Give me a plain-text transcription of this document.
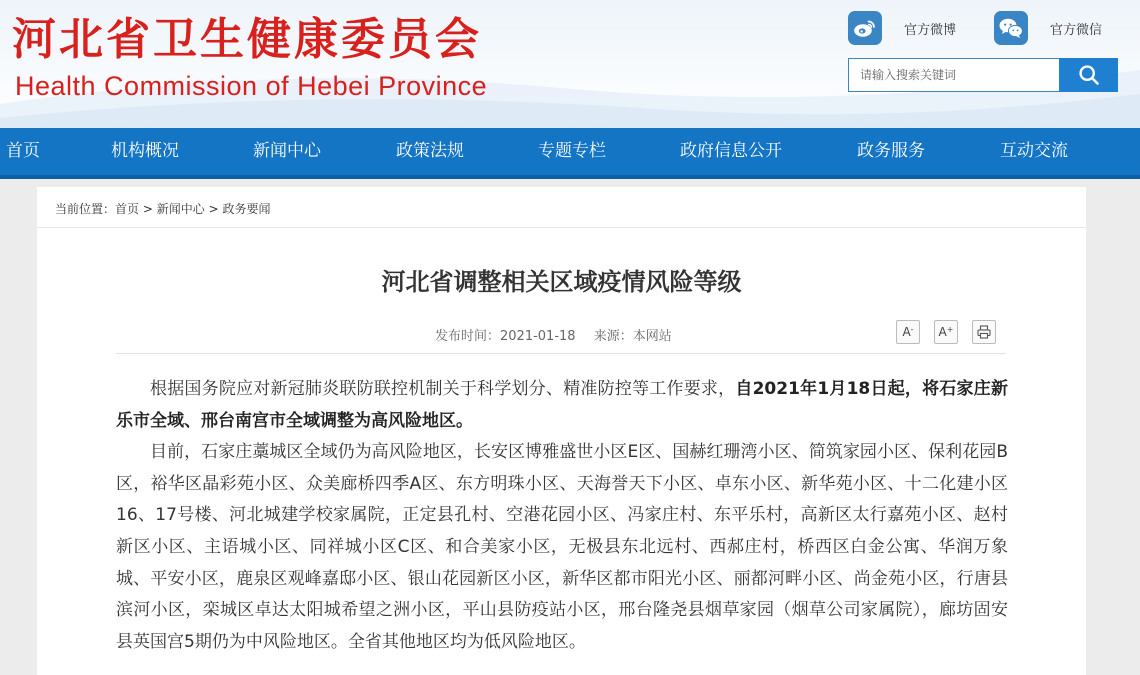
河北省卫生健康委员会
Health Commission of Hebei Province
官方微博	官方微信
请输入搜索关键词
首页	机构概况	新闻中心	政策法规	专题专栏	政府信息公开	政务服务	互动交流
当前位置：首页 > 新闻中心 > 政务要闻
河北省调整相关区域疫情风险等级
发布时间：2021-01-18 来源：本网站	A- A+

根据国务院应对新冠肺炎联防联控机制关于科学划分、精准防控等工作要求，自2021年1月18日起，将石家庄新乐市全域、邢台南宫市全域调整为高风险地区。

目前，石家庄藁城区全域仍为高风险地区，长安区博雅盛世小区E区、国赫红珊湾小区、简筑家园小区、保利花园B区，裕华区晶彩苑小区、众美廊桥四季A区、东方明珠小区、天海誉天下小区、卓东小区、新华苑小区、十二化建小区16、17号楼、河北城建学校家属院，正定县孔村、空港花园小区、冯家庄村、东平乐村，高新区太行嘉苑小区、赵村新区小区、主语城小区、同祥城小区C区、和合美家小区，无极县东北远村、西郝庄村，桥西区白金公寓、华润万象城、平安小区，鹿泉区观峰嘉邸小区、银山花园新区小区，新华区都市阳光小区、丽都河畔小区、尚金苑小区，行唐县滨河小区，栾城区卓达太阳城希望之洲小区，平山县防疫站小区，邢台隆尧县烟草家园（烟草公司家属院），廊坊固安县英国宫5期仍为中风险地区。全省其他地区均为低风险地区。
